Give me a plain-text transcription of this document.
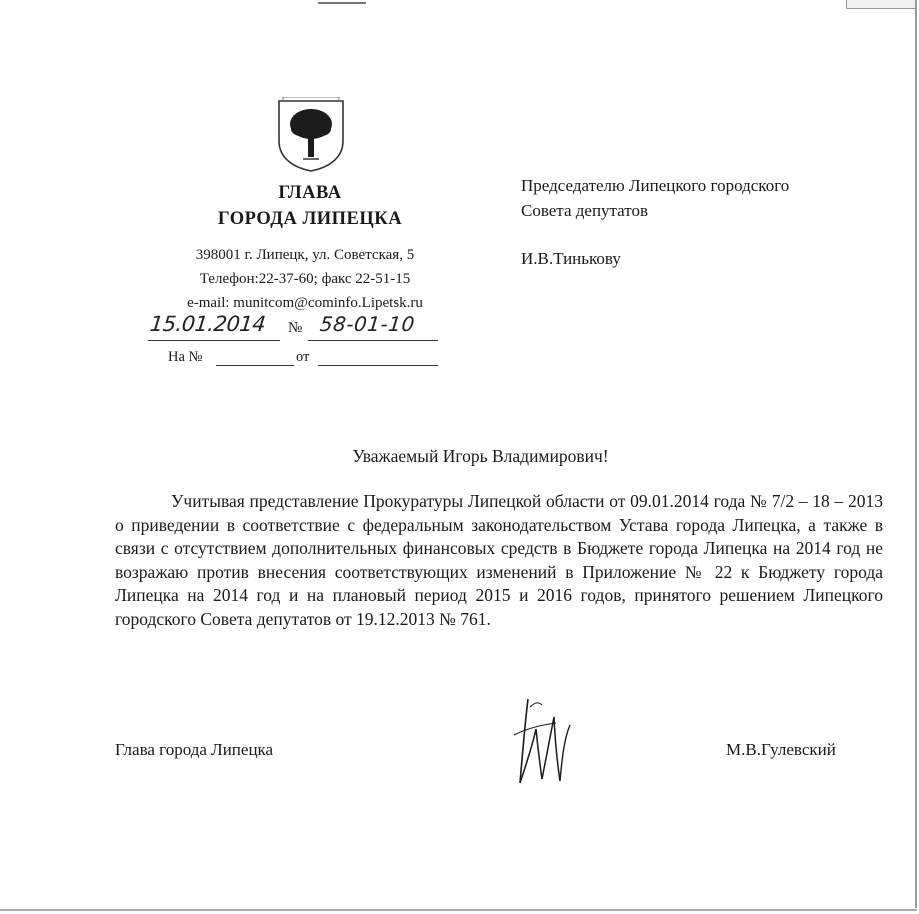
ГЛАВА
ГОРОДА ЛИПЕЦКА
398001 г. Липецк, ул. Советская, 5
Телефон:22-37-60; факс 22-51-15
e-mail: munitcom@cominfo.Lipetsk.ru
15.01.2014 № 58-01-10
На №	от
Председателю Липецкого городского
Совета депутатов
И.В.Тинькову
Уважаемый Игорь Владимирович!
Учитывая представление Прокуратуры Липецкой области от 09.01.2014 года № 7/2 – 18 – 2013 о приведении в соответствие с федеральным законодательством Устава города Липецка, а также в связи с отсутствием дополнительных финансовых средств в Бюджете города Липецка на 2014 год не возражаю против внесения соответствующих изменений в Приложение № 22 к Бюджету города Липецка на 2014 год и на плановый период 2015 и 2016 годов, принятого решением Липецкого городского Совета депутатов от 19.12.2013 № 761.
Глава города Липецка	М.В.Гулевский
